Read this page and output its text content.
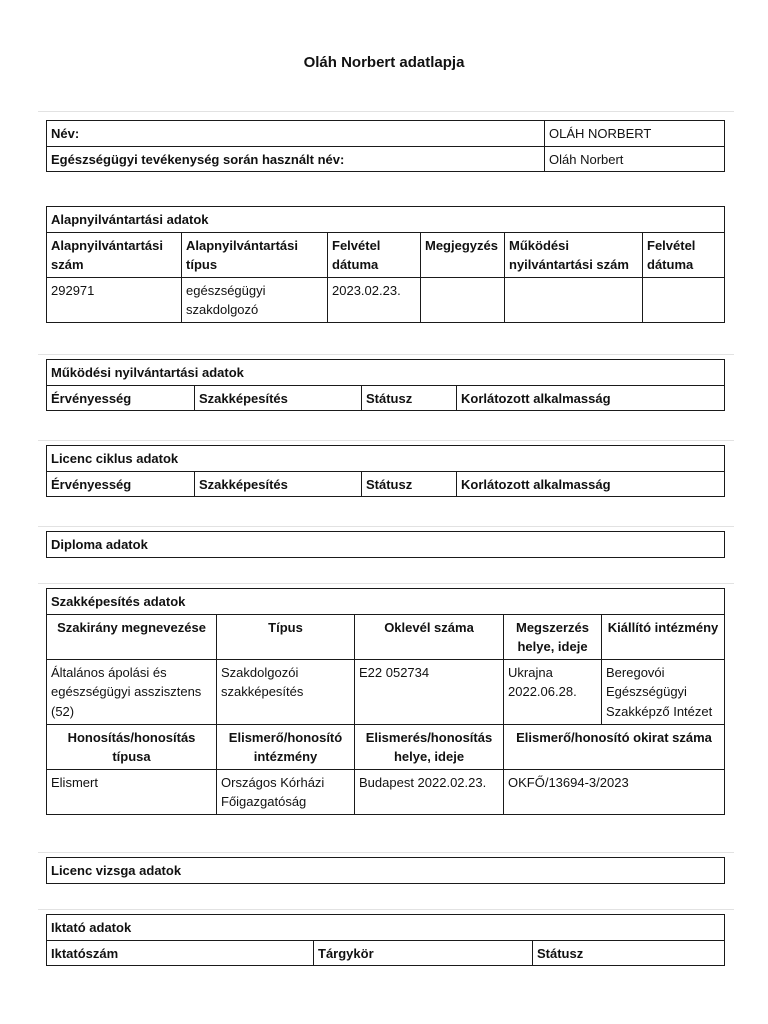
Oláh Norbert adatlapja
Név:	OLÁH NORBERT
Egészségügyi tevékenység során használt név:	Oláh Norbert
Alapnyilvántartási adatok					
Alapnyilvántartási szám	Alapnyilvántartási típus	Felvétel dátuma	Megjegyzés	Működési nyilvántartási szám	Felvétel dátuma
292971	egészségügyi szakdolgozó	2023.02.23.			
Működési nyilvántartási adatok
Érvényesség	Szakképesítés	Státusz	Korlátozott alkalmasság
Licenc ciklus adatok
Érvényesség	Szakképesítés	Státusz	Korlátozott alkalmasság
Diploma adatok
Szakképesítés adatok				
Szakirány megnevezése	Típus	Oklevél száma	Megszerzés helye, ideje	Kiállító intézmény
Általános ápolási és egészségügyi asszisztens (52)	Szakdolgozói szakképesítés	E22 052734	Ukrajna 2022.06.28.	Beregovói Egészségügyi Szakképző Intézet
Honosítás/honosítás típusa	Elismerő/honosító intézmény	Elismerés/honosítás helye, ideje	Elismerő/honosító okirat száma	
Elismert	Országos Kórházi Főigazgatóság	Budapest 2022.02.23.	OKFŐ/13694-3/2023	
Licenc vizsga adatok
Iktató adatok
Iktatószám	Tárgykör	Státusz
